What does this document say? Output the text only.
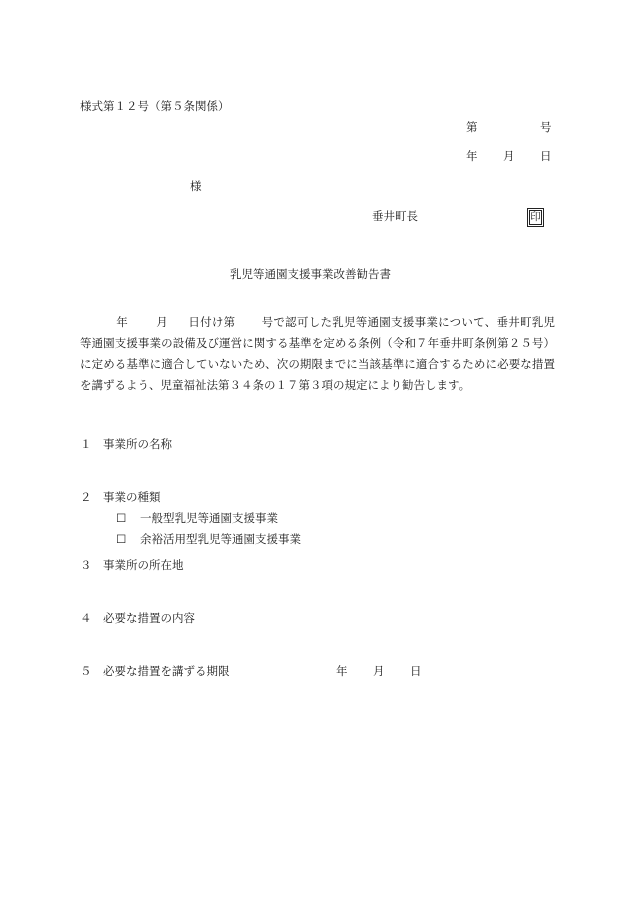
様式第１２号（第５条関係）
第	号
年 月 日
様
垂井町長	印
乳児等通園支援事業改善勧告書
年 月 日付け第 号で認可した乳児等通園支援事業について、垂井町乳児等通園支援事業の設備及び運営に関する基準を定める条例（令和７年垂井町条例第２５号）に定める基準に適合していないため、次の期限までに当該基準に適合するために必要な措置を講ずるよう、児童福祉法第３４条の１７第３項の規定により勧告します。
１ 事業所の名称
２ 事業の種類
☐ 一般型乳児等通園支援事業
☐ 余裕活用型乳児等通園支援事業
３ 事業所の所在地
４ 必要な措置の内容
５ 必要な措置を講ずる期限	年 月 日
